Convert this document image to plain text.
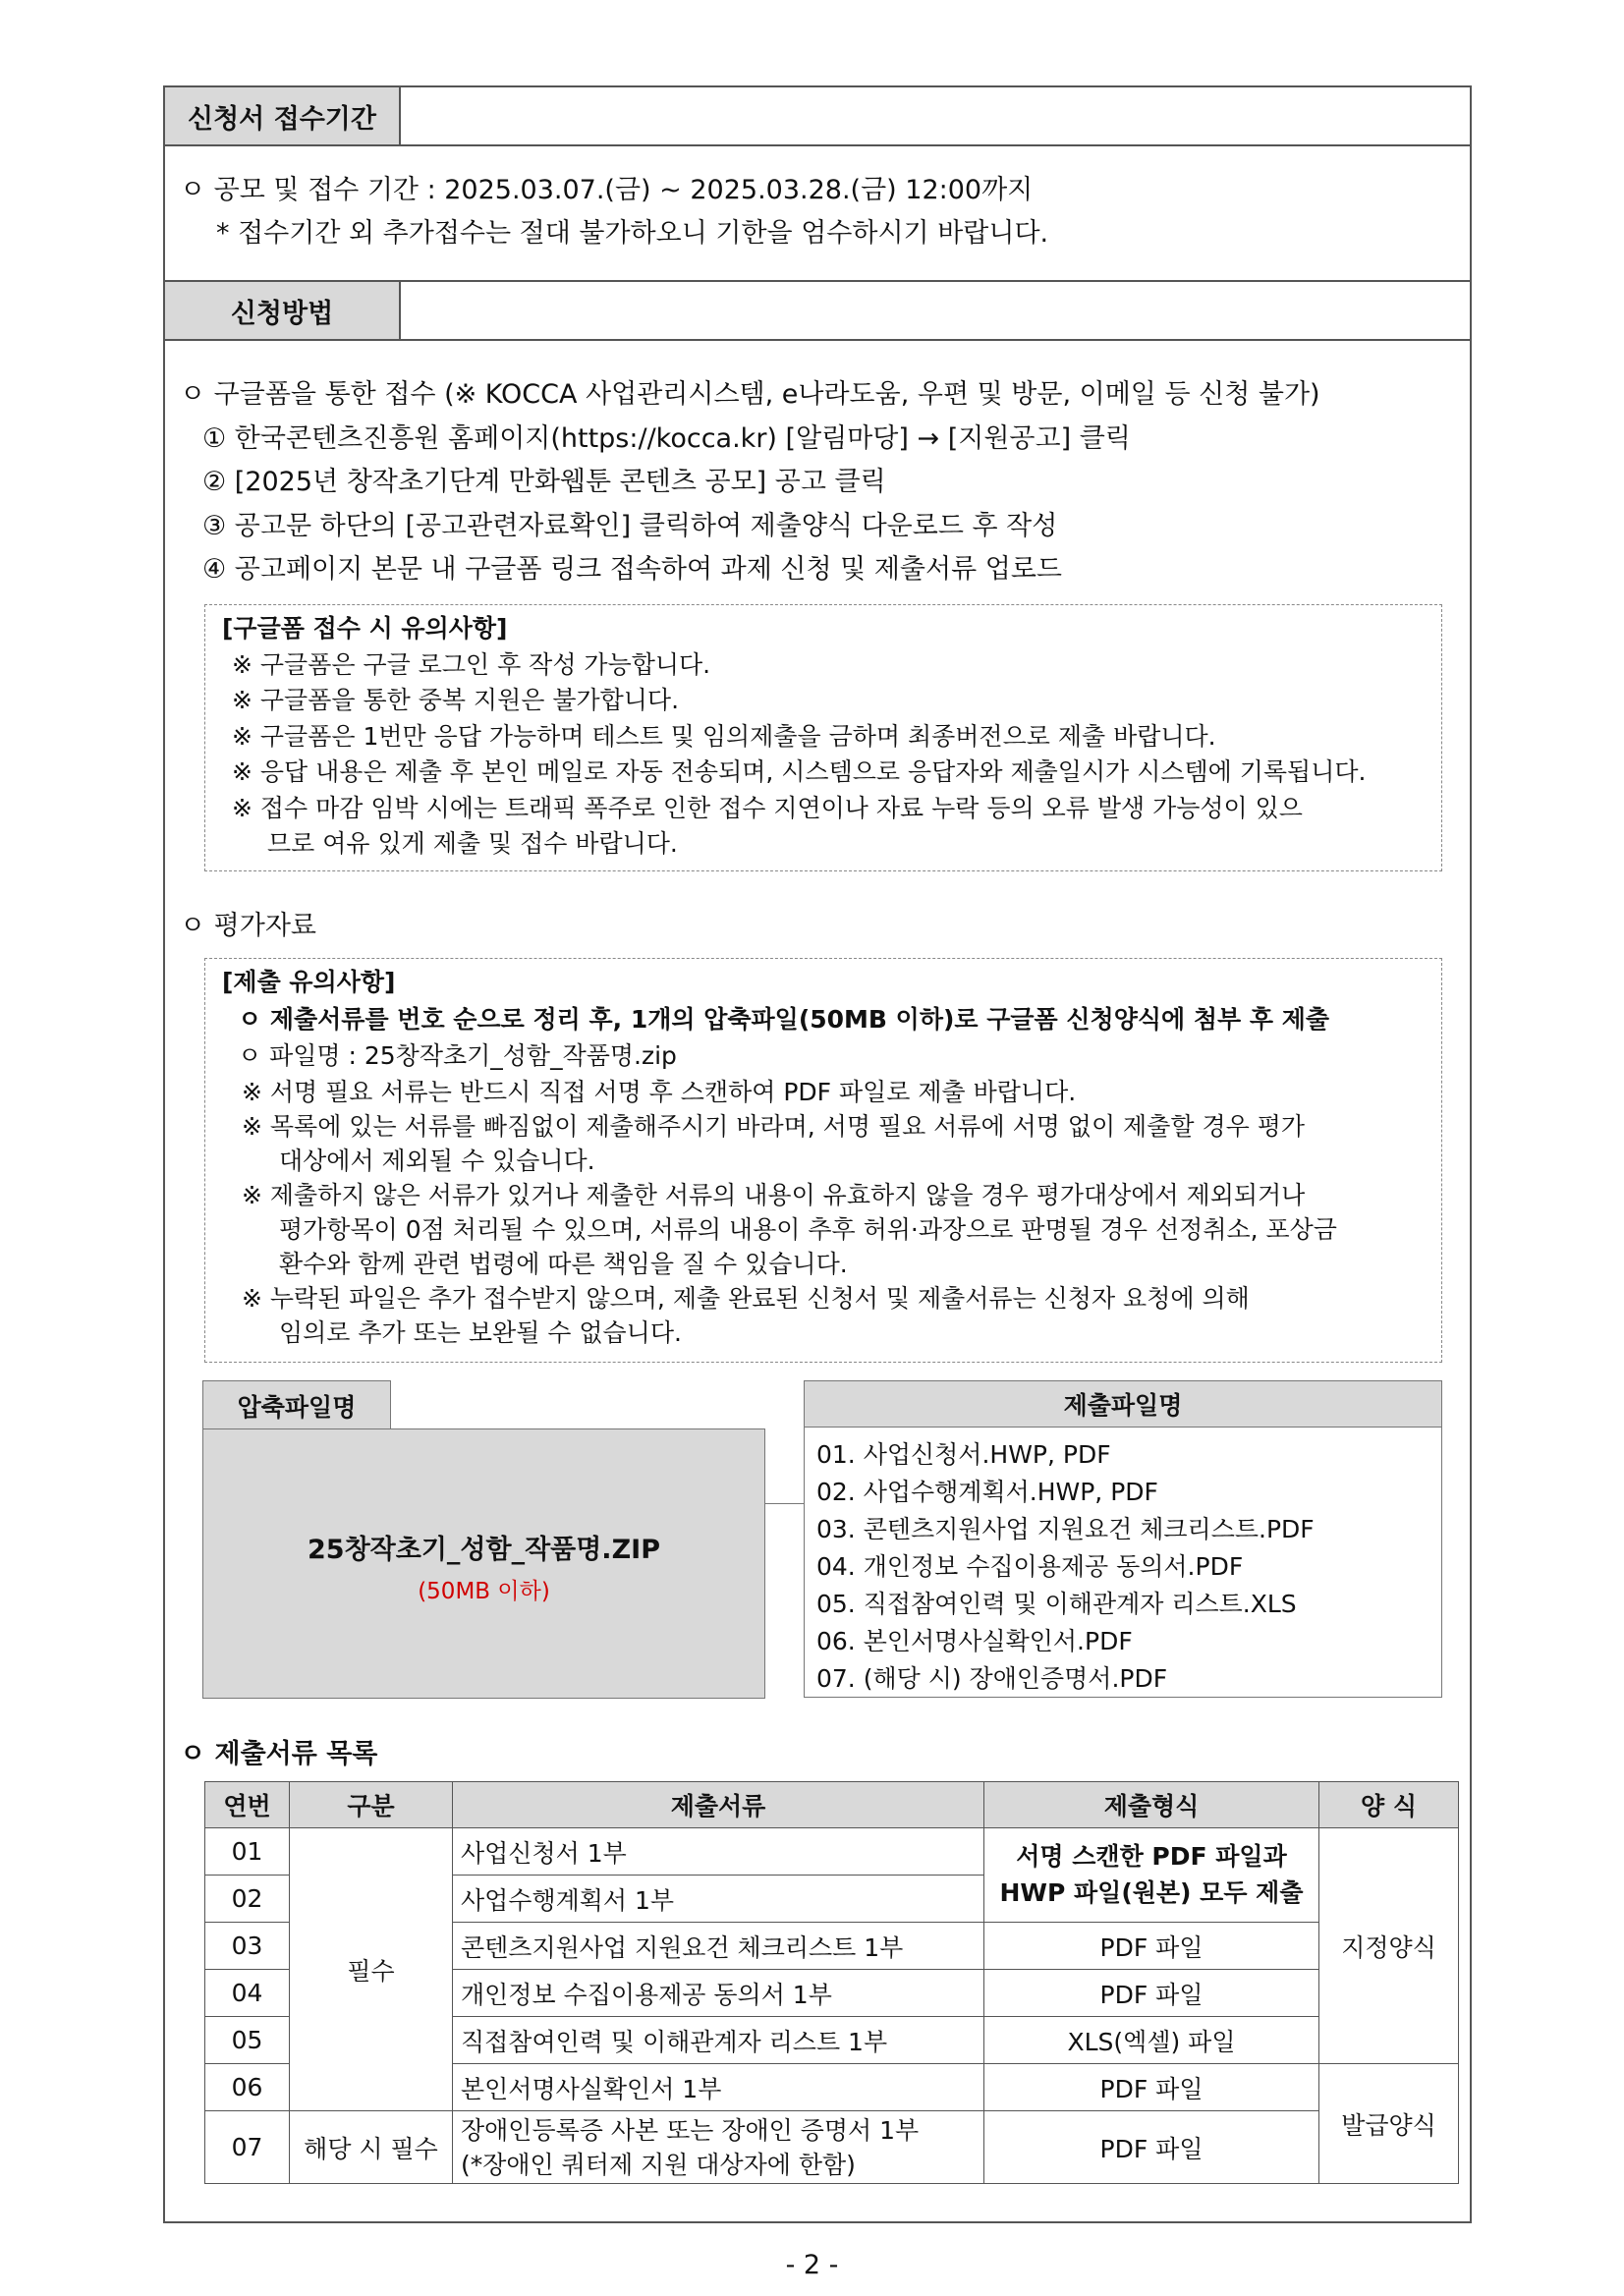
신청서 접수기간
ㅇ 공모 및 접수 기간 : 2025.03.07.(금) ~ 2025.03.28.(금) 12:00까지
* 접수기간 외 추가접수는 절대 불가하오니 기한을 엄수하시기 바랍니다.
신청방법
ㅇ 구글폼을 통한 접수 (※ KOCCA 사업관리시스템, e나라도움, 우편 및 방문, 이메일 등 신청 불가)
① 한국콘텐츠진흥원 홈페이지(https://kocca.kr) [알림마당] → [지원공고] 클릭
② [2025년 창작초기단계 만화웹툰 콘텐츠 공모] 공고 클릭
③ 공고문 하단의 [공고관련자료확인] 클릭하여 제출양식 다운로드 후 작성
④ 공고페이지 본문 내 구글폼 링크 접속하여 과제 신청 및 제출서류 업로드
[구글폼 접수 시 유의사항]
※ 구글폼은 구글 로그인 후 작성 가능합니다.
※ 구글폼을 통한 중복 지원은 불가합니다.
※ 구글폼은 1번만 응답 가능하며 테스트 및 임의제출을 금하며 최종버전으로 제출 바랍니다.
※ 응답 내용은 제출 후 본인 메일로 자동 전송되며, 시스템으로 응답자와 제출일시가 시스템에 기록됩니다.
※ 접수 마감 임박 시에는 트래픽 폭주로 인한 접수 지연이나 자료 누락 등의 오류 발생 가능성이 있으
므로 여유 있게 제출 및 접수 바랍니다.
ㅇ 평가자료
[제출 유의사항]
ㅇ 제출서류를 번호 순으로 정리 후, 1개의 압축파일(50MB 이하)로 구글폼 신청양식에 첨부 후 제출
ㅇ 파일명 : 25창작초기_성함_작품명.zip
※ 서명 필요 서류는 반드시 직접 서명 후 스캔하여 PDF 파일로 제출 바랍니다.
※ 목록에 있는 서류를 빠짐없이 제출해주시기 바라며, 서명 필요 서류에 서명 없이 제출할 경우 평가
대상에서 제외될 수 있습니다.
※ 제출하지 않은 서류가 있거나 제출한 서류의 내용이 유효하지 않을 경우 평가대상에서 제외되거나
평가항목이 0점 처리될 수 있으며, 서류의 내용이 추후 허위·과장으로 판명될 경우 선정취소, 포상금
환수와 함께 관련 법령에 따른 책임을 질 수 있습니다.
※ 누락된 파일은 추가 접수받지 않으며, 제출 완료된 신청서 및 제출서류는 신청자 요청에 의해
임의로 추가 또는 보완될 수 없습니다.
압축파일명
25창작초기_성함_작품명.ZIP
(50MB 이하)
제출파일명
01. 사업신청서.HWP, PDF
02. 사업수행계획서.HWP, PDF
03. 콘텐츠지원사업 지원요건 체크리스트.PDF
04. 개인정보 수집이용제공 동의서.PDF
05. 직접참여인력 및 이해관계자 리스트.XLS
06. 본인서명사실확인서.PDF
07. (해당 시) 장애인증명서.PDF
ㅇ 제출서류 목록
연번	구분	제출서류	제출형식	양 식
01	필수	사업신청서 1부	서명 스캔한 PDF 파일과
HWP 파일(원본) 모두 제출	지정양식
02		사업수행계획서 1부		
03		콘텐츠지원사업 지원요건 체크리스트 1부	PDF 파일	
04		개인정보 수집이용제공 동의서 1부	PDF 파일	
05		직접참여인력 및 이해관계자 리스트 1부	XLS(엑셀) 파일	
06		본인서명사실확인서 1부	PDF 파일	발급양식
07	해당 시 필수	장애인등록증 사본 또는 장애인 증명서 1부
(*장애인 쿼터제 지원 대상자에 한함)	PDF 파일	
- 2 -
